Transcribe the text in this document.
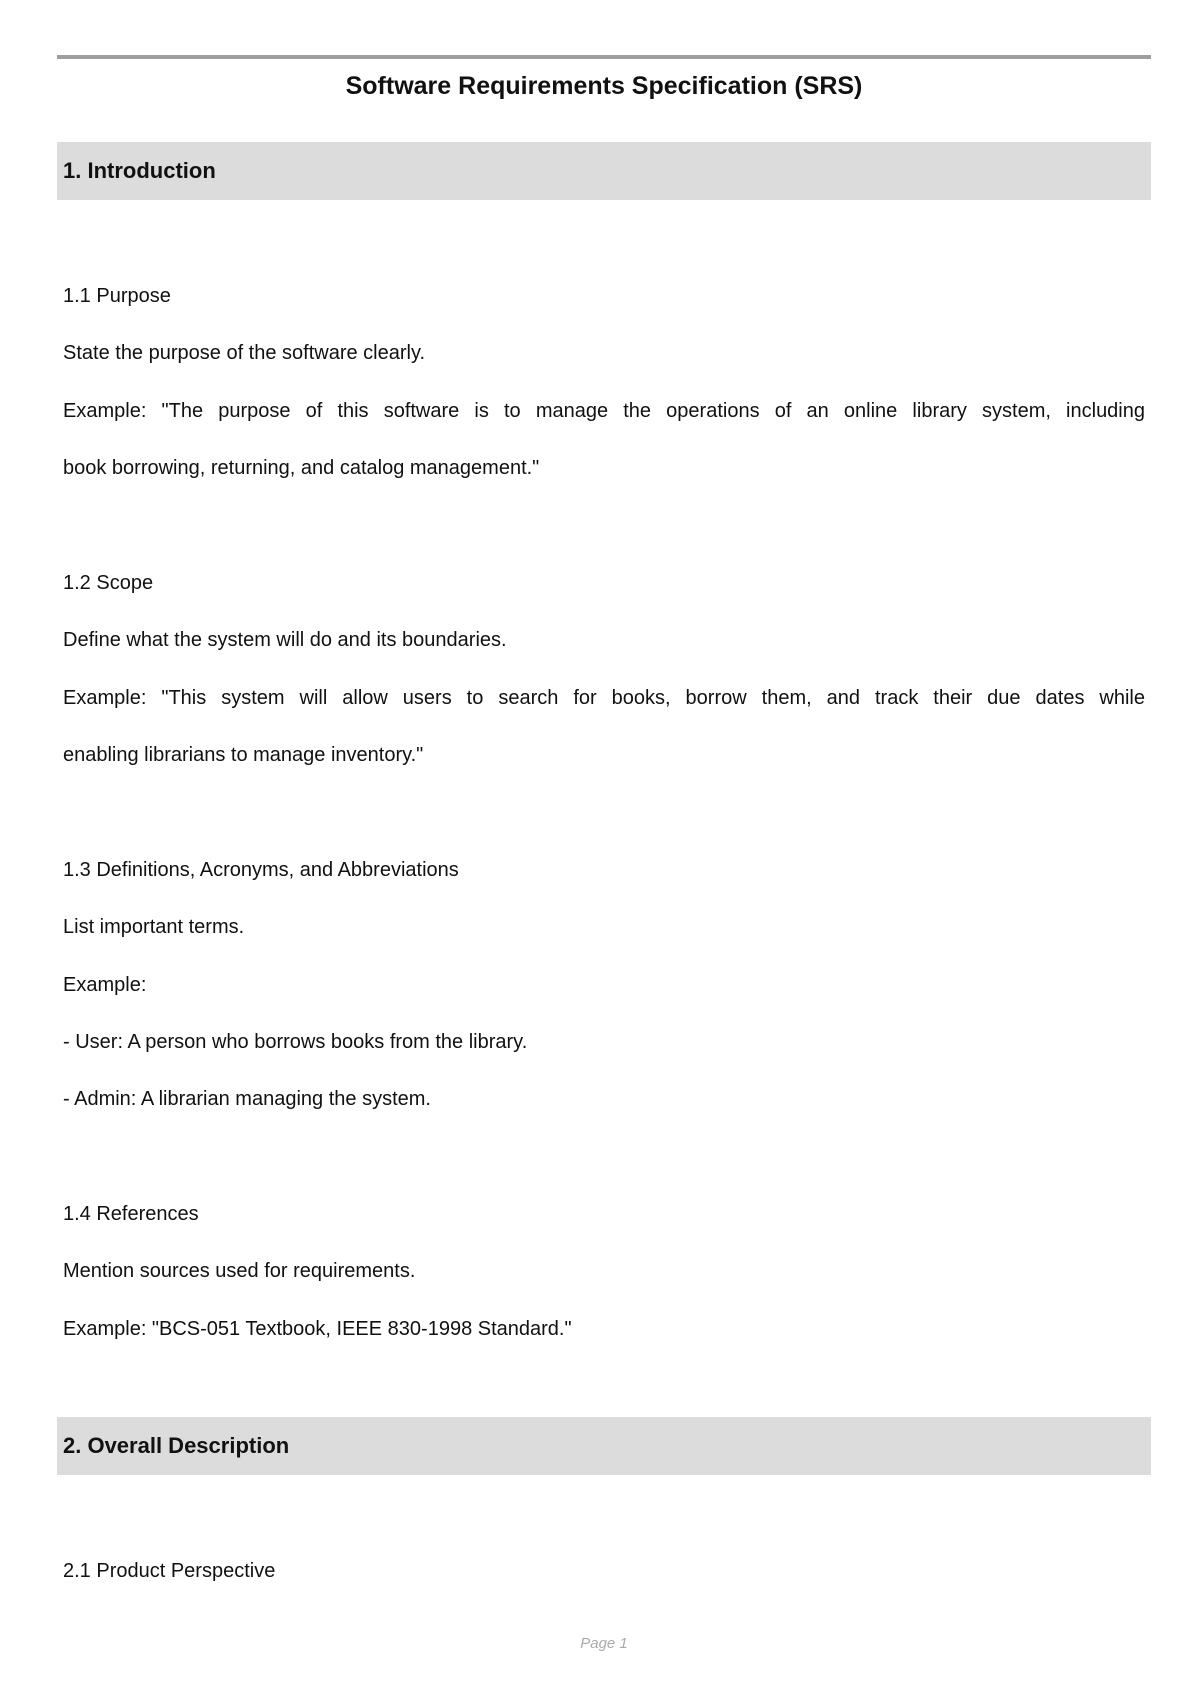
Software Requirements Specification (SRS)
1. Introduction
1.1 Purpose
State the purpose of the software clearly.
Example: "The purpose of this software is to manage the operations of an online library system, including
book borrowing, returning, and catalog management."
1.2 Scope
Define what the system will do and its boundaries.
Example: "This system will allow users to search for books, borrow them, and track their due dates while
enabling librarians to manage inventory."
1.3 Definitions, Acronyms, and Abbreviations
List important terms.
Example:
- User: A person who borrows books from the library.
- Admin: A librarian managing the system.
1.4 References
Mention sources used for requirements.
Example: "BCS-051 Textbook, IEEE 830-1998 Standard."
2. Overall Description
2.1 Product Perspective
Page 1
